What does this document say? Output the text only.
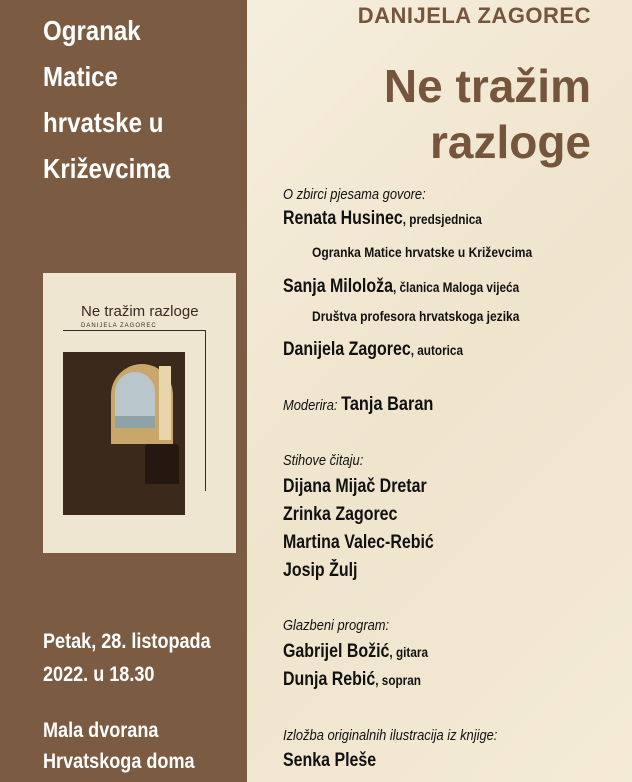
Ogranak
Matice
hrvatske u
Križevcima
Ne tražim razloge
DANIJELA ZAGOREC
Petak, 28. listopada
2022. u 18.30
Mala dvorana
Hrvatskoga doma
DANIJELA ZAGOREC
Ne tražim
razloge
O zbirci pjesama govore:
Renata Husinec, predsjednica
Ogranka Matice hrvatske u Križevcima
Sanja Miloloža, članica Maloga vijeća
Društva profesora hrvatskoga jezika
Danijela Zagorec, autorica
Moderira: Tanja Baran
Stihove čitaju:
Dijana Mijač Dretar
Zrinka Zagorec
Martina Valec-Rebić
Josip Žulj
Glazbeni program:
Gabrijel Božić, gitara
Dunja Rebić, sopran
Izložba originalnih ilustracija iz knjige:
Senka Pleše
